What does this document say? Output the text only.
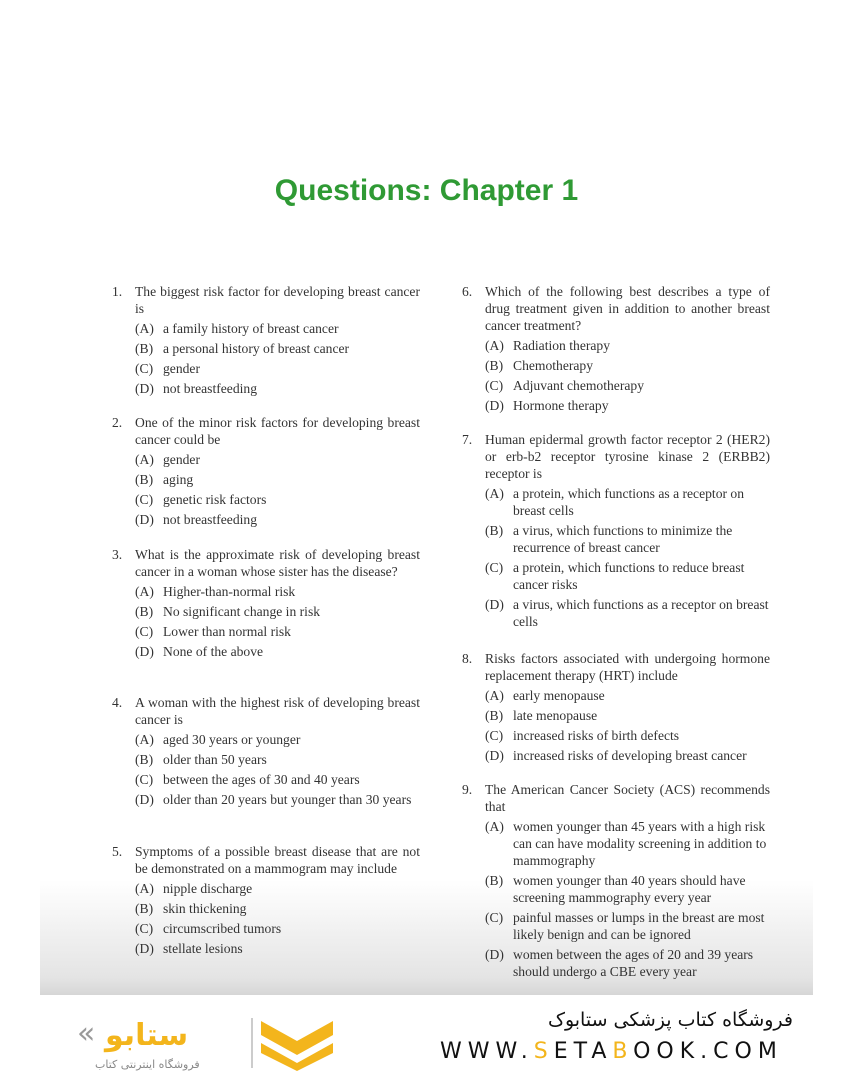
Questions: Chapter 1
1. The biggest risk factor for developing breast cancer is
(A) a family history of breast cancer
(B) a personal history of breast cancer
(C) gender
(D) not breastfeeding
2. One of the minor risk factors for developing breast cancer could be
(A) gender
(B) aging
(C) genetic risk factors
(D) not breastfeeding
3. What is the approximate risk of developing breast cancer in a woman whose sister has the disease?
(A) Higher-than-normal risk
(B) No significant change in risk
(C) Lower than normal risk
(D) None of the above
4. A woman with the highest risk of developing breast cancer is
(A) aged 30 years or younger
(B) older than 50 years
(C) between the ages of 30 and 40 years
(D) older than 20 years but younger than 30 years
5. Symptoms of a possible breast disease that are not be demonstrated on a mammogram may include
(A) nipple discharge
(B) skin thickening
(C) circumscribed tumors
(D) stellate lesions
6. Which of the following best describes a type of drug treatment given in addition to another breast cancer treatment?
(A) Radiation therapy
(B) Chemotherapy
(C) Adjuvant chemotherapy
(D) Hormone therapy
7. Human epidermal growth factor receptor 2 (HER2) or erb-b2 receptor tyrosine kinase 2 (ERBB2) receptor is
(A) a protein, which functions as a receptor on breast cells
(B) a virus, which functions to minimize the recurrence of breast cancer
(C) a protein, which functions to reduce breast cancer risks
(D) a virus, which functions as a receptor on breast cells
8. Risks factors associated with undergoing hormone replacement therapy (HRT) include
(A) early menopause
(B) late menopause
(C) increased risks of birth defects
(D) increased risks of developing breast cancer
9. The American Cancer Society (ACS) recommends that
(A) women younger than 45 years with a high risk can can have modality screening in addition to mammography
(B) women younger than 40 years should have screening mammography every year
(C) painful masses or lumps in the breast are most likely benign and can be ignored
(D) women between the ages of 20 and 39 years should undergo a CBE every year
« ستابو
فروشگاه اینترنتی کتاب
فروشگاه کتاب پزشکی ستابوک
WWW.SETABOOK.COM
